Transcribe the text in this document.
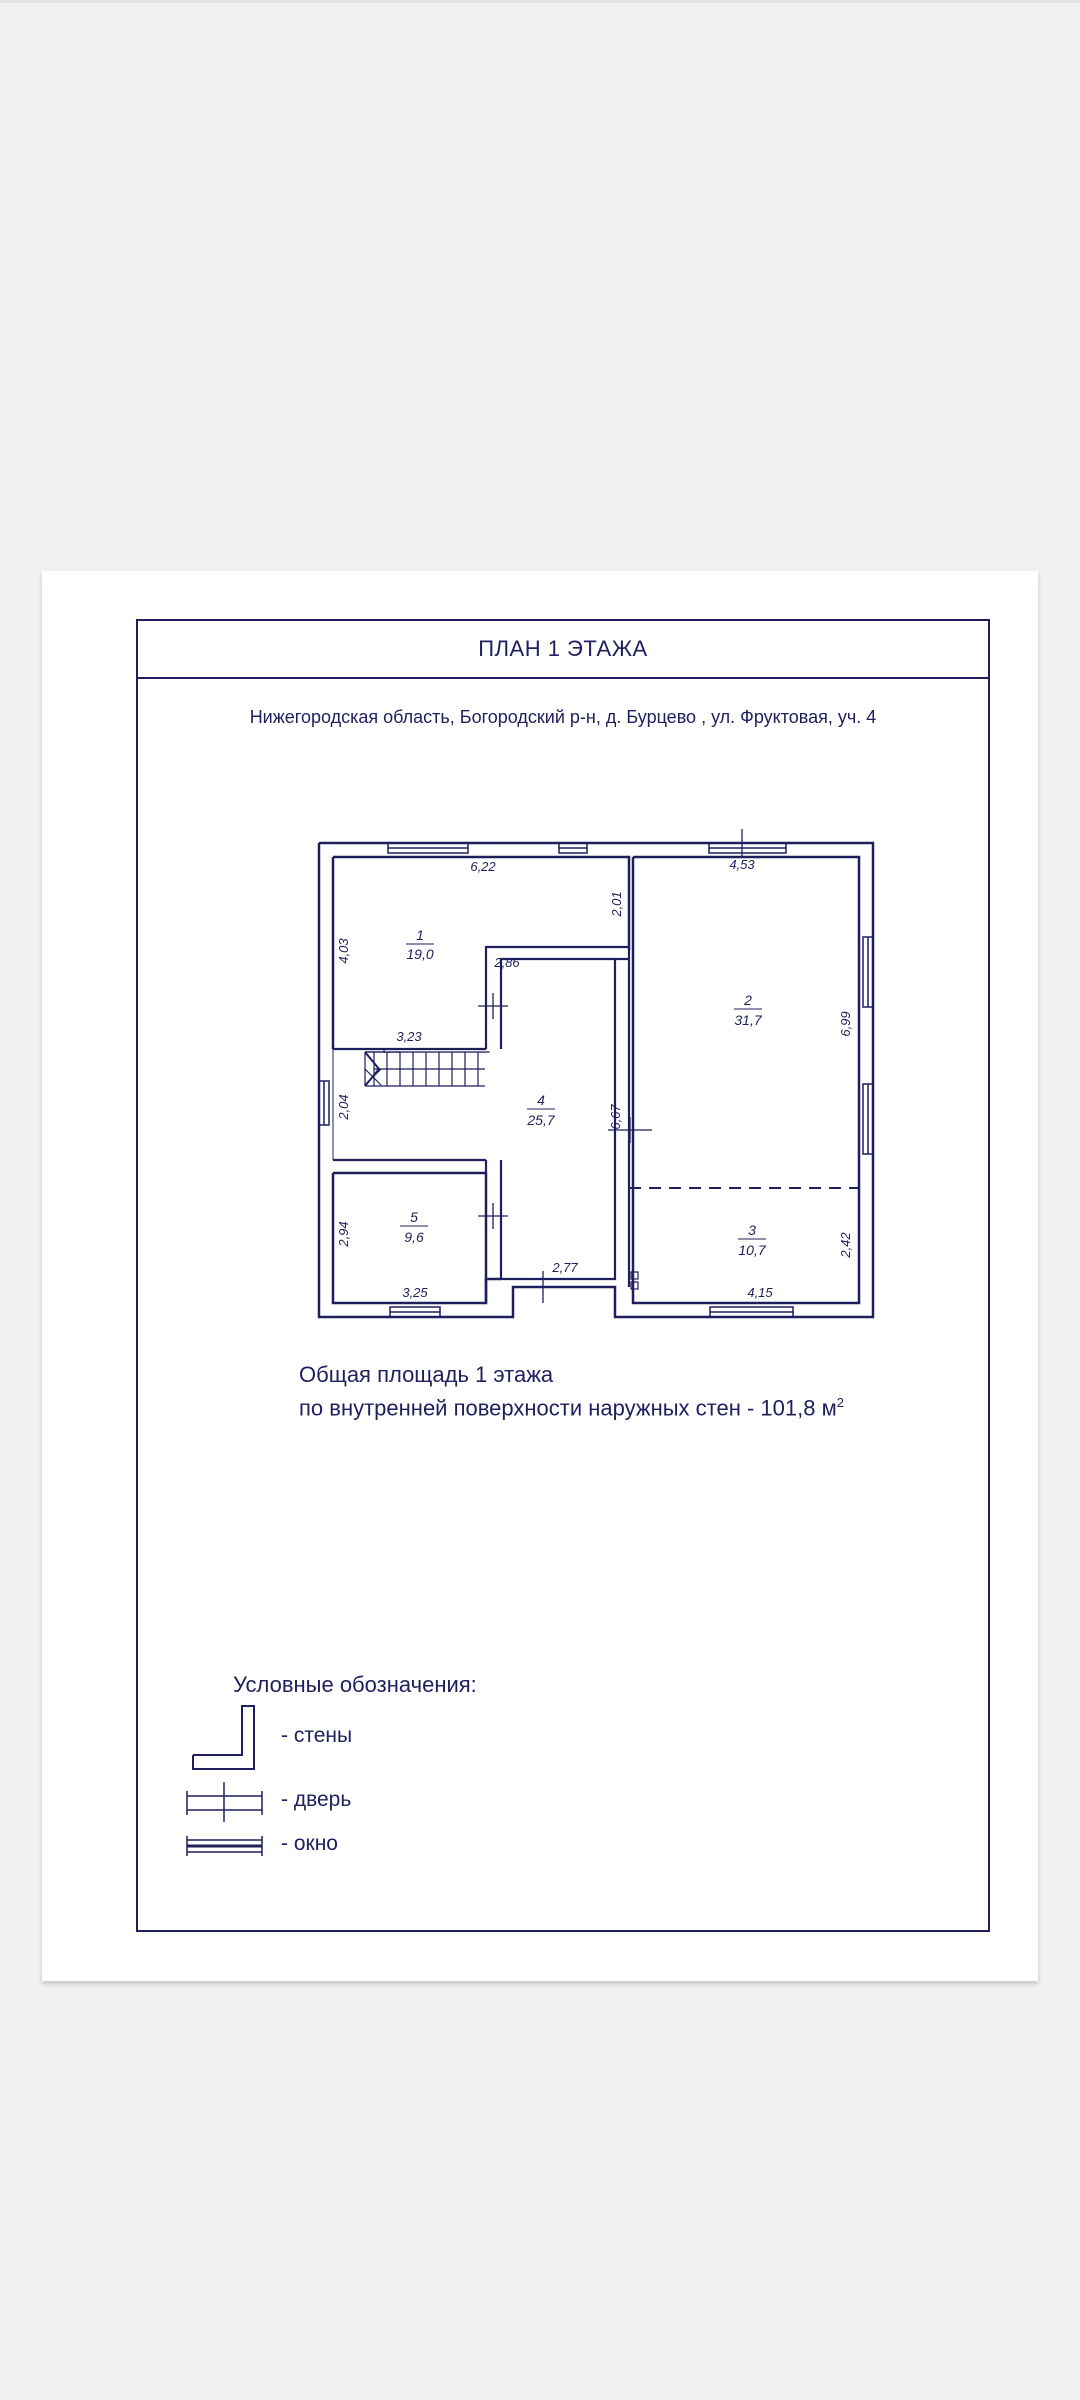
ПЛАН 1 ЭТАЖА
Нижегородская область, Богородский р-н, д. Бурцево , ул. Фруктовая, уч. 4
1
19,0
2
31,7
3
10,7
4
25,7
5
9,6
6,22
2,86
3,23
4,53
3,25
2,77
4,15
2,01
4,03
2,04	6,67
2,94
6,99
2,42
Общая площадь 1 этажа
по внутренней поверхности наружных стен - 101,8 $м^2$
Условные обозначения:
- стены
- дверь
- окно
